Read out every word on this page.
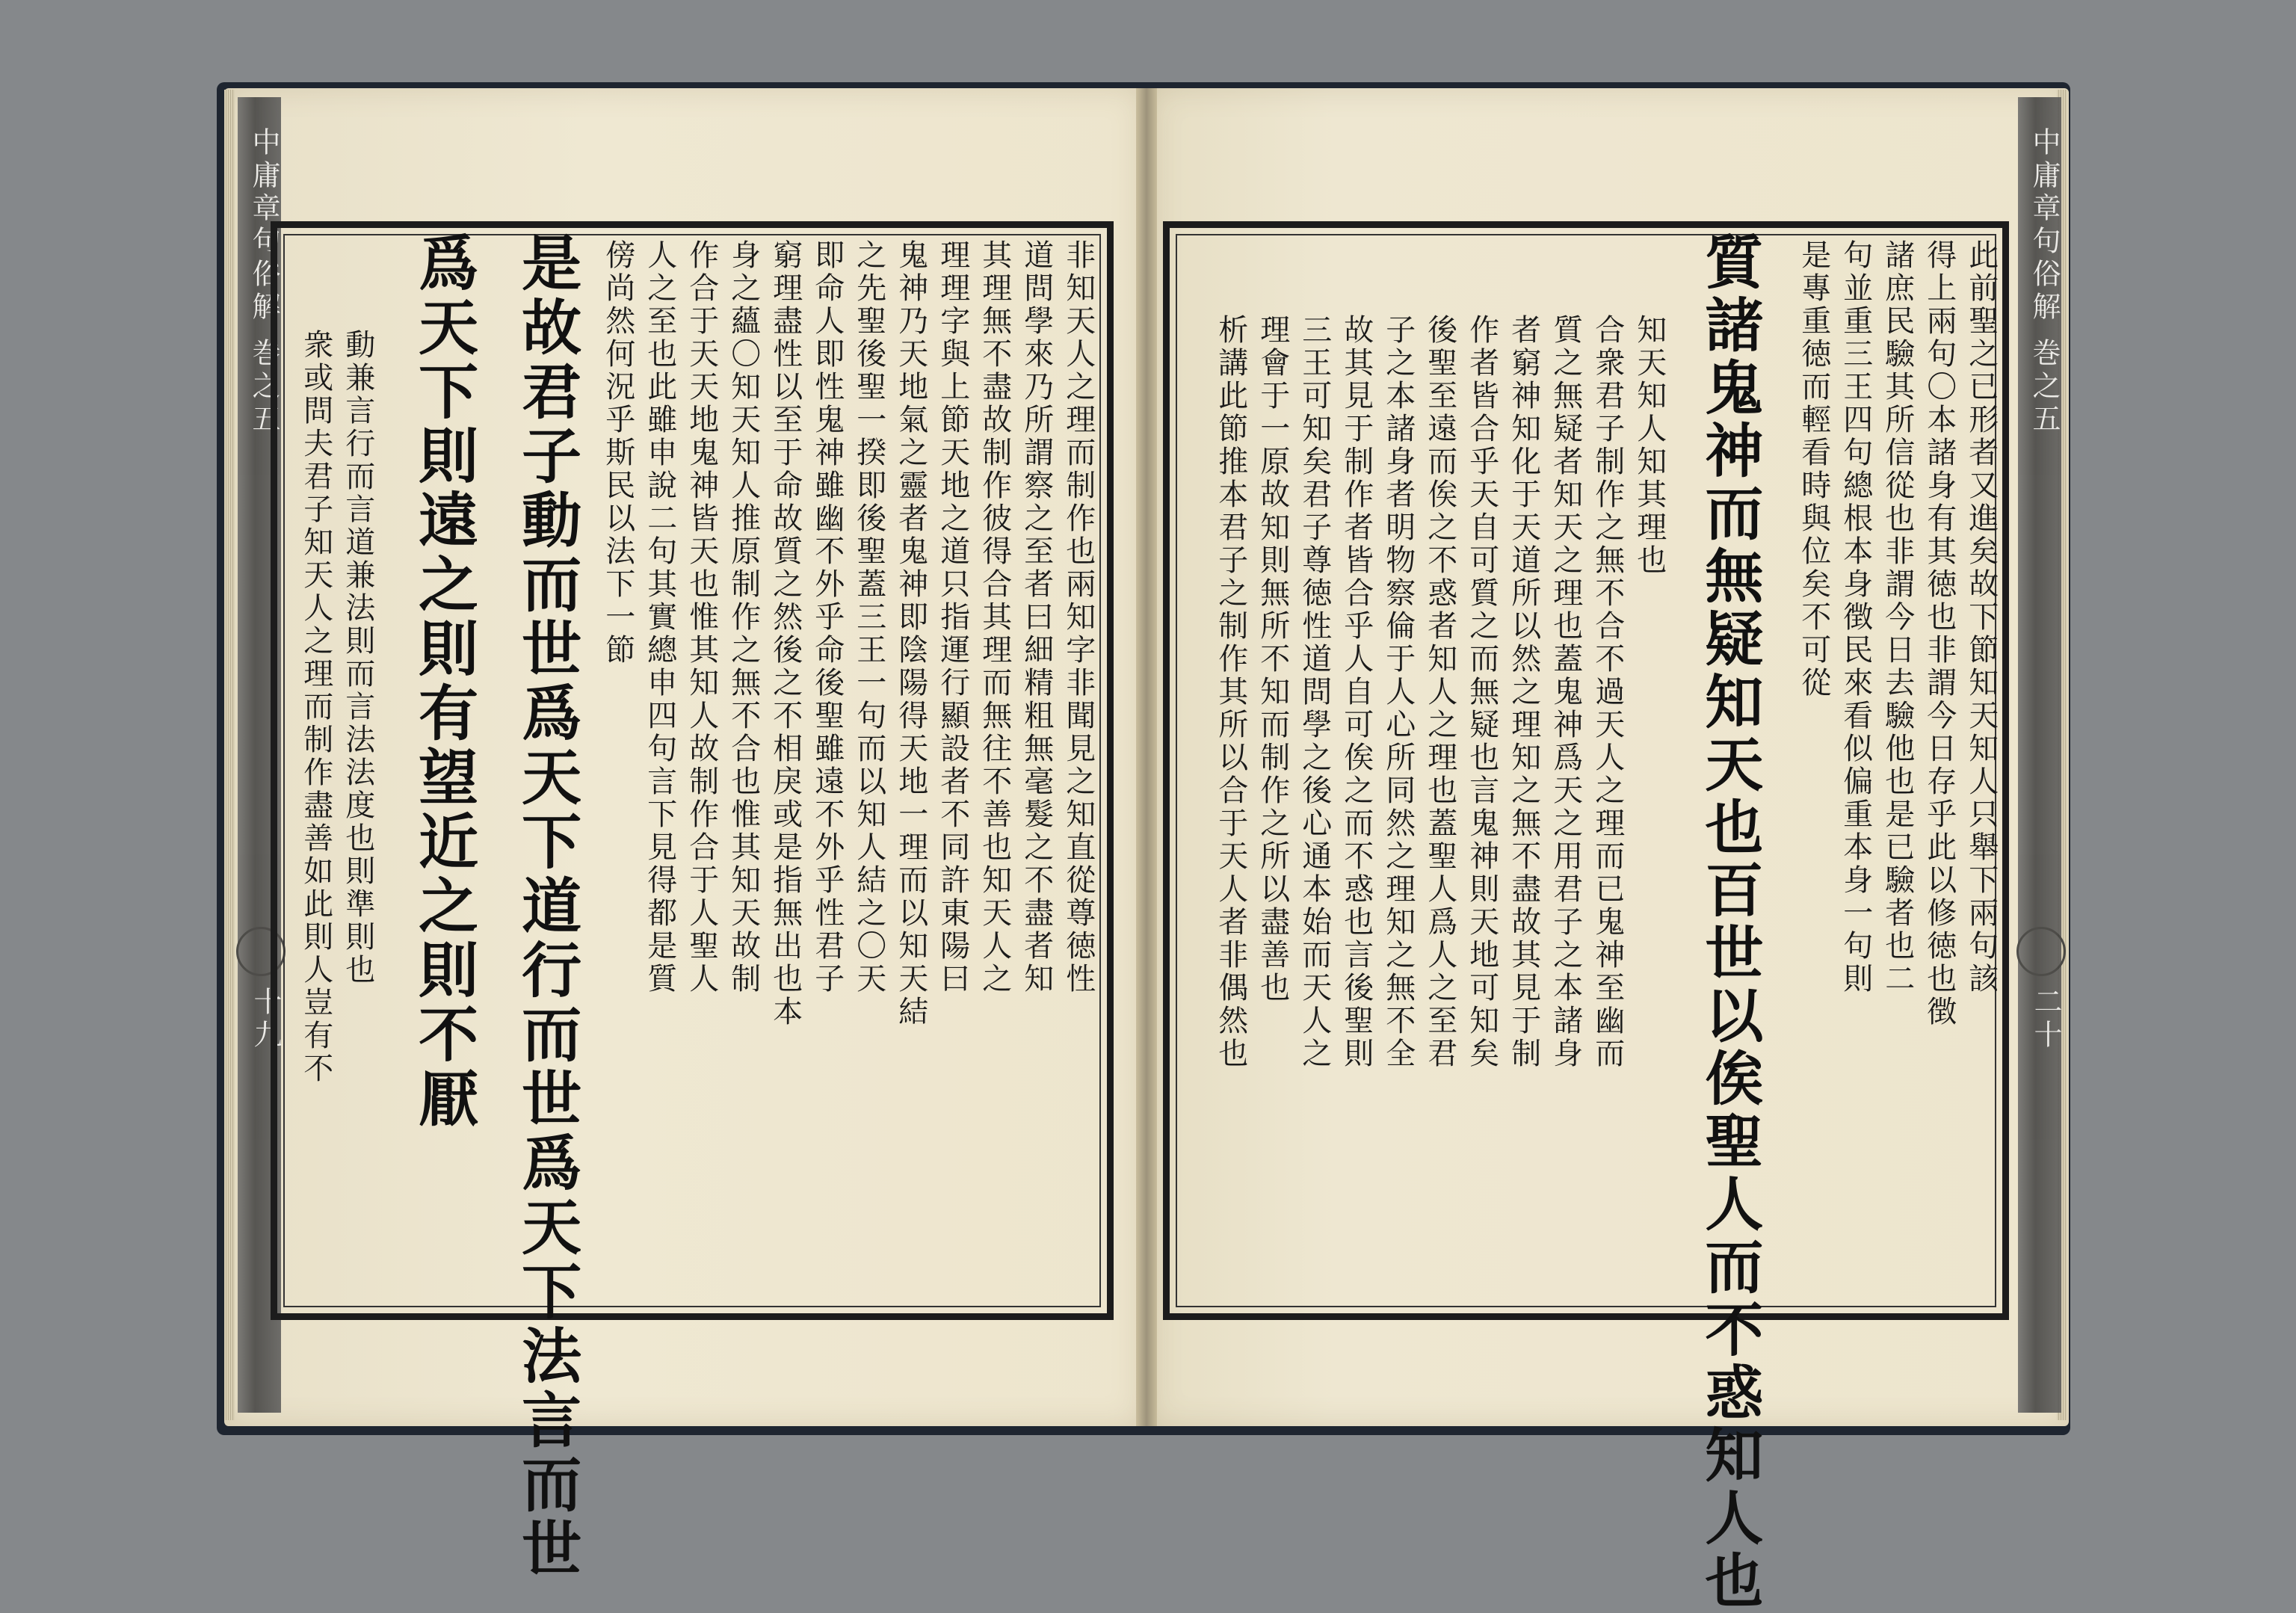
中庸章句俗解 巻之五
十九
中庸章句俗解 巻之五
二十
非知天人之理而制作也兩知字非聞見之知直從尊徳性
道問學來乃所謂察之至者曰細精粗無毫髮之不盡者知
其理無不盡故制作彼得合其理而無往不善也知天人之
理理字與上節天地之道只指運行顯設者不同許東陽曰
鬼神乃天地氣之靈者鬼神即陰陽得天地一理而以知天結
之先聖後聖一揆即後聖蓋三王一句而以知人結之〇天
即命人即性鬼神雖幽不外乎命後聖雖遠不外乎性君子
窮理盡性以至于命故質之然後之不相戾或是指無出也本
身之蘊〇知天知人推原制作之無不合也惟其知天故制
作合于天天地鬼神皆天也惟其知人故制作合于人聖人
人之至也此雖申說二句其實總申四句言下見得都是質
傍尚然何況乎斯民以法下一節
是故君子動而世爲天下道行而世爲天下法言而世
爲天下則遠之則有望近之則不厭
動兼言行而言道兼法則而言法法度也則準則也
衆或問夫君子知天人之理而制作盡善如此則人豈有不	此前聖之已形者又進矣故下節知天知人只舉下兩句該
得上兩句〇本諸身有其徳也非謂今日存乎此以修徳也徴
諸庶民驗其所信從也非謂今日去驗他也是已驗者也二
句並重三王四句總根本身徴民來看似偏重本身一句則
是專重徳而輕看時與位矣不可從
質諸鬼神而無疑知天也百世以俟聖人而不惑知人也
知天知人知其理也
合衆君子制作之無不合不過天人之理而已鬼神至幽而
質之無疑者知天之理也蓋鬼神爲天之用君子之本諸身
者窮神知化于天道所以然之理知之無不盡故其見于制
作者皆合乎天自可質之而無疑也言鬼神則天地可知矣
後聖至遠而俟之不惑者知人之理也蓋聖人爲人之至君
子之本諸身者明物察倫于人心所同然之理知之無不全
故其見于制作者皆合乎人自可俟之而不惑也言後聖則
三王可知矣君子尊徳性道問學之後心通本始而天人之
理會于一原故知則無所不知而制作之所以盡善也
析講此節推本君子之制作其所以合于天人者非偶然也
